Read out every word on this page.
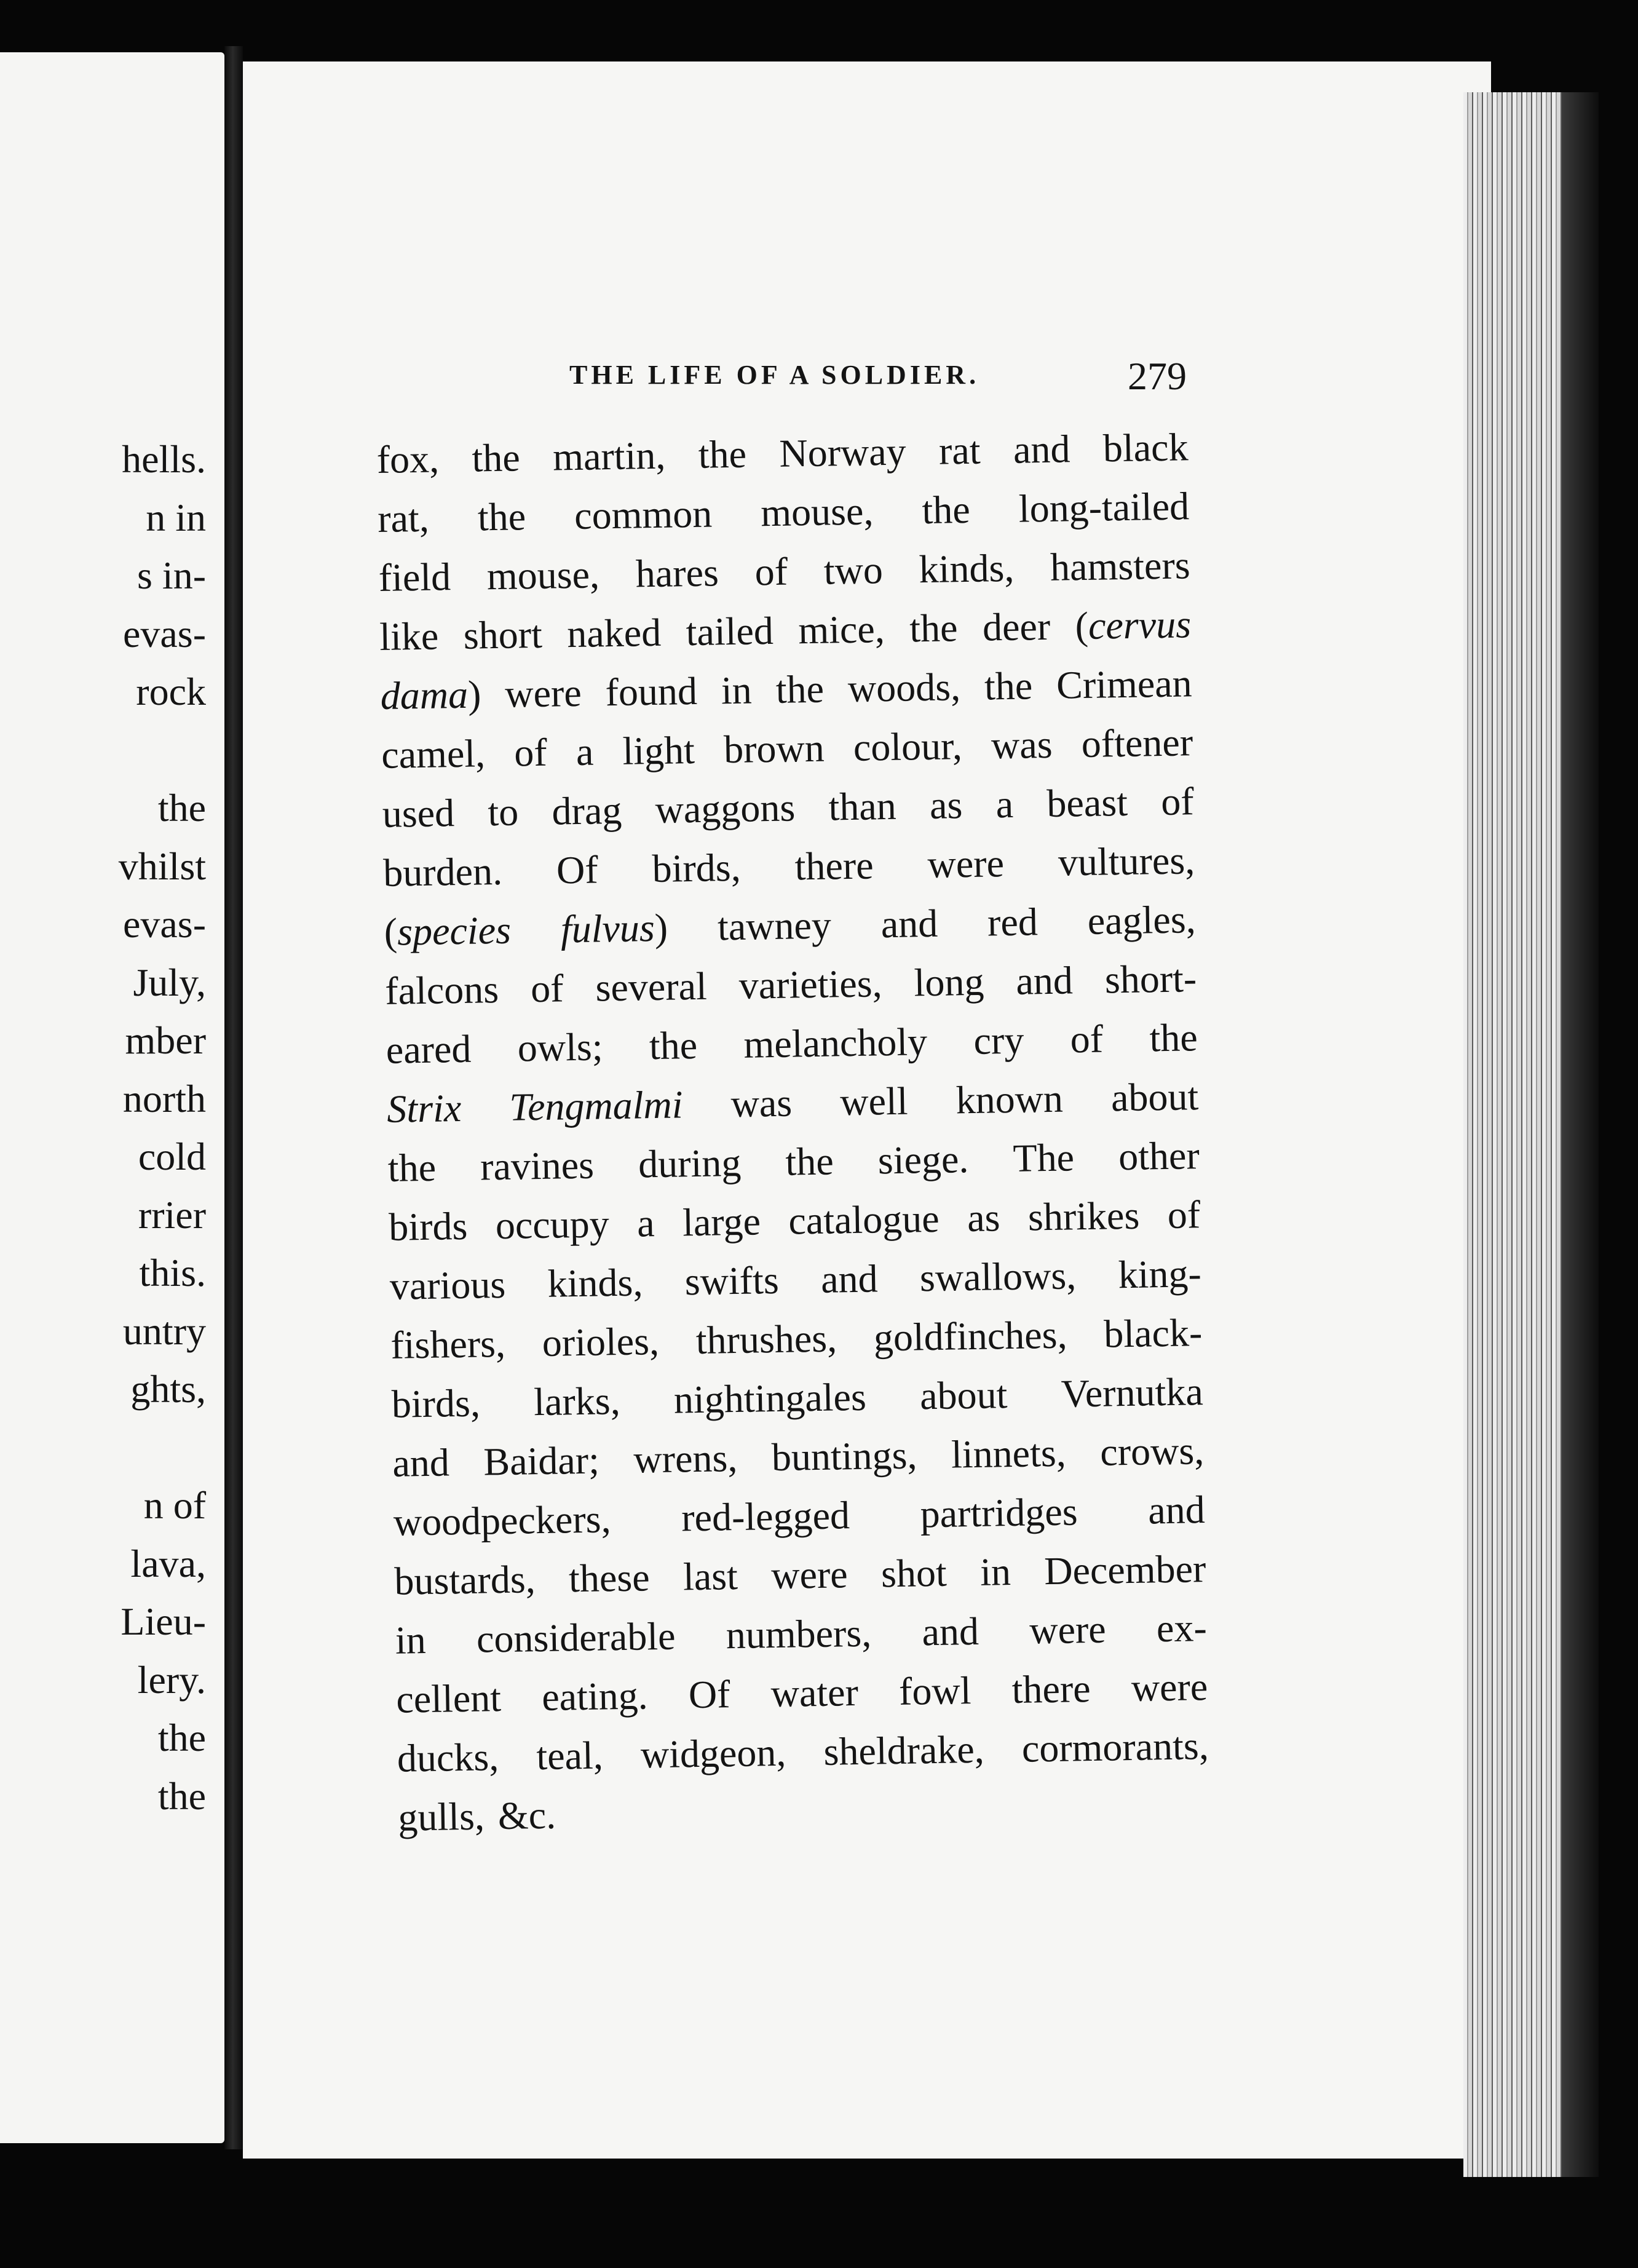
hells.
n in
s in-
evas-
rock
the
vhilst
evas-
July,
mber
north
cold
rrier
this.
untry
ghts,
n of
lava,
Lieu-
lery.
the
the
THE LIFE OF A SOLDIER.	279
fox, the martin, the Norway rat and black
rat, the common mouse, the long-tailed
field mouse, hares of two kinds, hamsters
like short naked tailed mice, the deer (cervus
dama) were found in the woods, the Crimean
camel, of a light brown colour, was oftener
used to drag waggons than as a beast of
burden. Of birds, there were vultures,
(species fulvus) tawney and red eagles,
falcons of several varieties, long and short-
eared owls; the melancholy cry of the
Strix Tengmalmi was well known about
the ravines during the siege. The other
birds occupy a large catalogue as shrikes of
various kinds, swifts and swallows, king-
fishers, orioles, thrushes, goldfinches, black-
birds, larks, nightingales about Vernutka
and Baidar; wrens, buntings, linnets, crows,
woodpeckers, red-legged partridges and
bustards, these last were shot in December
in considerable numbers, and were ex-
cellent eating. Of water fowl there were
ducks, teal, widgeon, sheldrake, cormorants,
gulls, &c.
